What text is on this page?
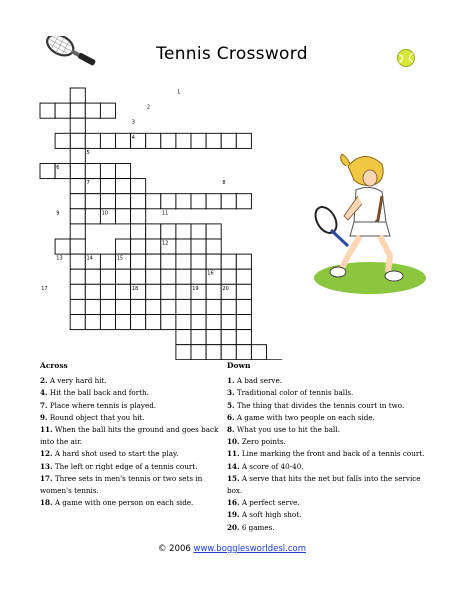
Tennis Crossword
1
2
3
4
5
6
7	8
9	10	11
12
13	14	15
16
17	18	19	20
Across
2. A very hard hit.
4. Hit the ball back and forth.
7. Place where tennis is played.
9. Round object that you hit.
11. When the ball hits the ground and goes back into the air.
12. A hard shot used to start the play.
13. The left or right edge of a tennis court.
17. Three sets in men's tennis or two sets in women's tennis.
18. A game with one person on each side.
Down
1. A bad serve.
3. Traditional color of tennis balls.
5. The thing that divides the tennis court in two.
6. A game with two people on each side.
8. What you use to hit the ball.
10. Zero points.
11. Line marking the front and back of a tennis court.
14. A score of 40-40.
15. A serve that hits the net but falls into the service box.
16. A perfect serve.
19. A soft high shot.
20. 6 games.
© 2006 www.bogglesworldesl.com
